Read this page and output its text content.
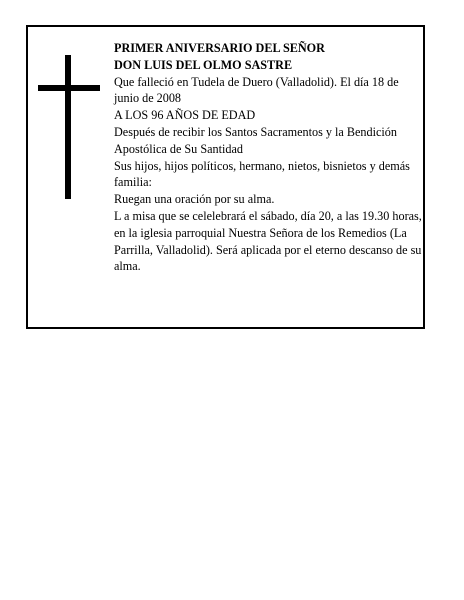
PRIMER ANIVERSARIO DEL SEÑOR

DON LUIS DEL OLMO SASTRE

Que falleció en Tudela de Duero (Valladolid). El día 18 de junio de 2008

A LOS 96 AÑOS DE EDAD

Después de recibir los Santos Sacramentos y la Bendición Apostólica de Su Santidad

Sus hijos, hijos políticos, hermano, nietos, bisnietos y demás familia:

Ruegan una oración por su alma.

L a misa que se celelebrará el sábado, día 20, a las 19.30 horas, en la iglesia parroquial Nuestra Señora de los Remedios (La Parrilla, Valladolid). Será aplicada por el eterno descanso de su alma.
